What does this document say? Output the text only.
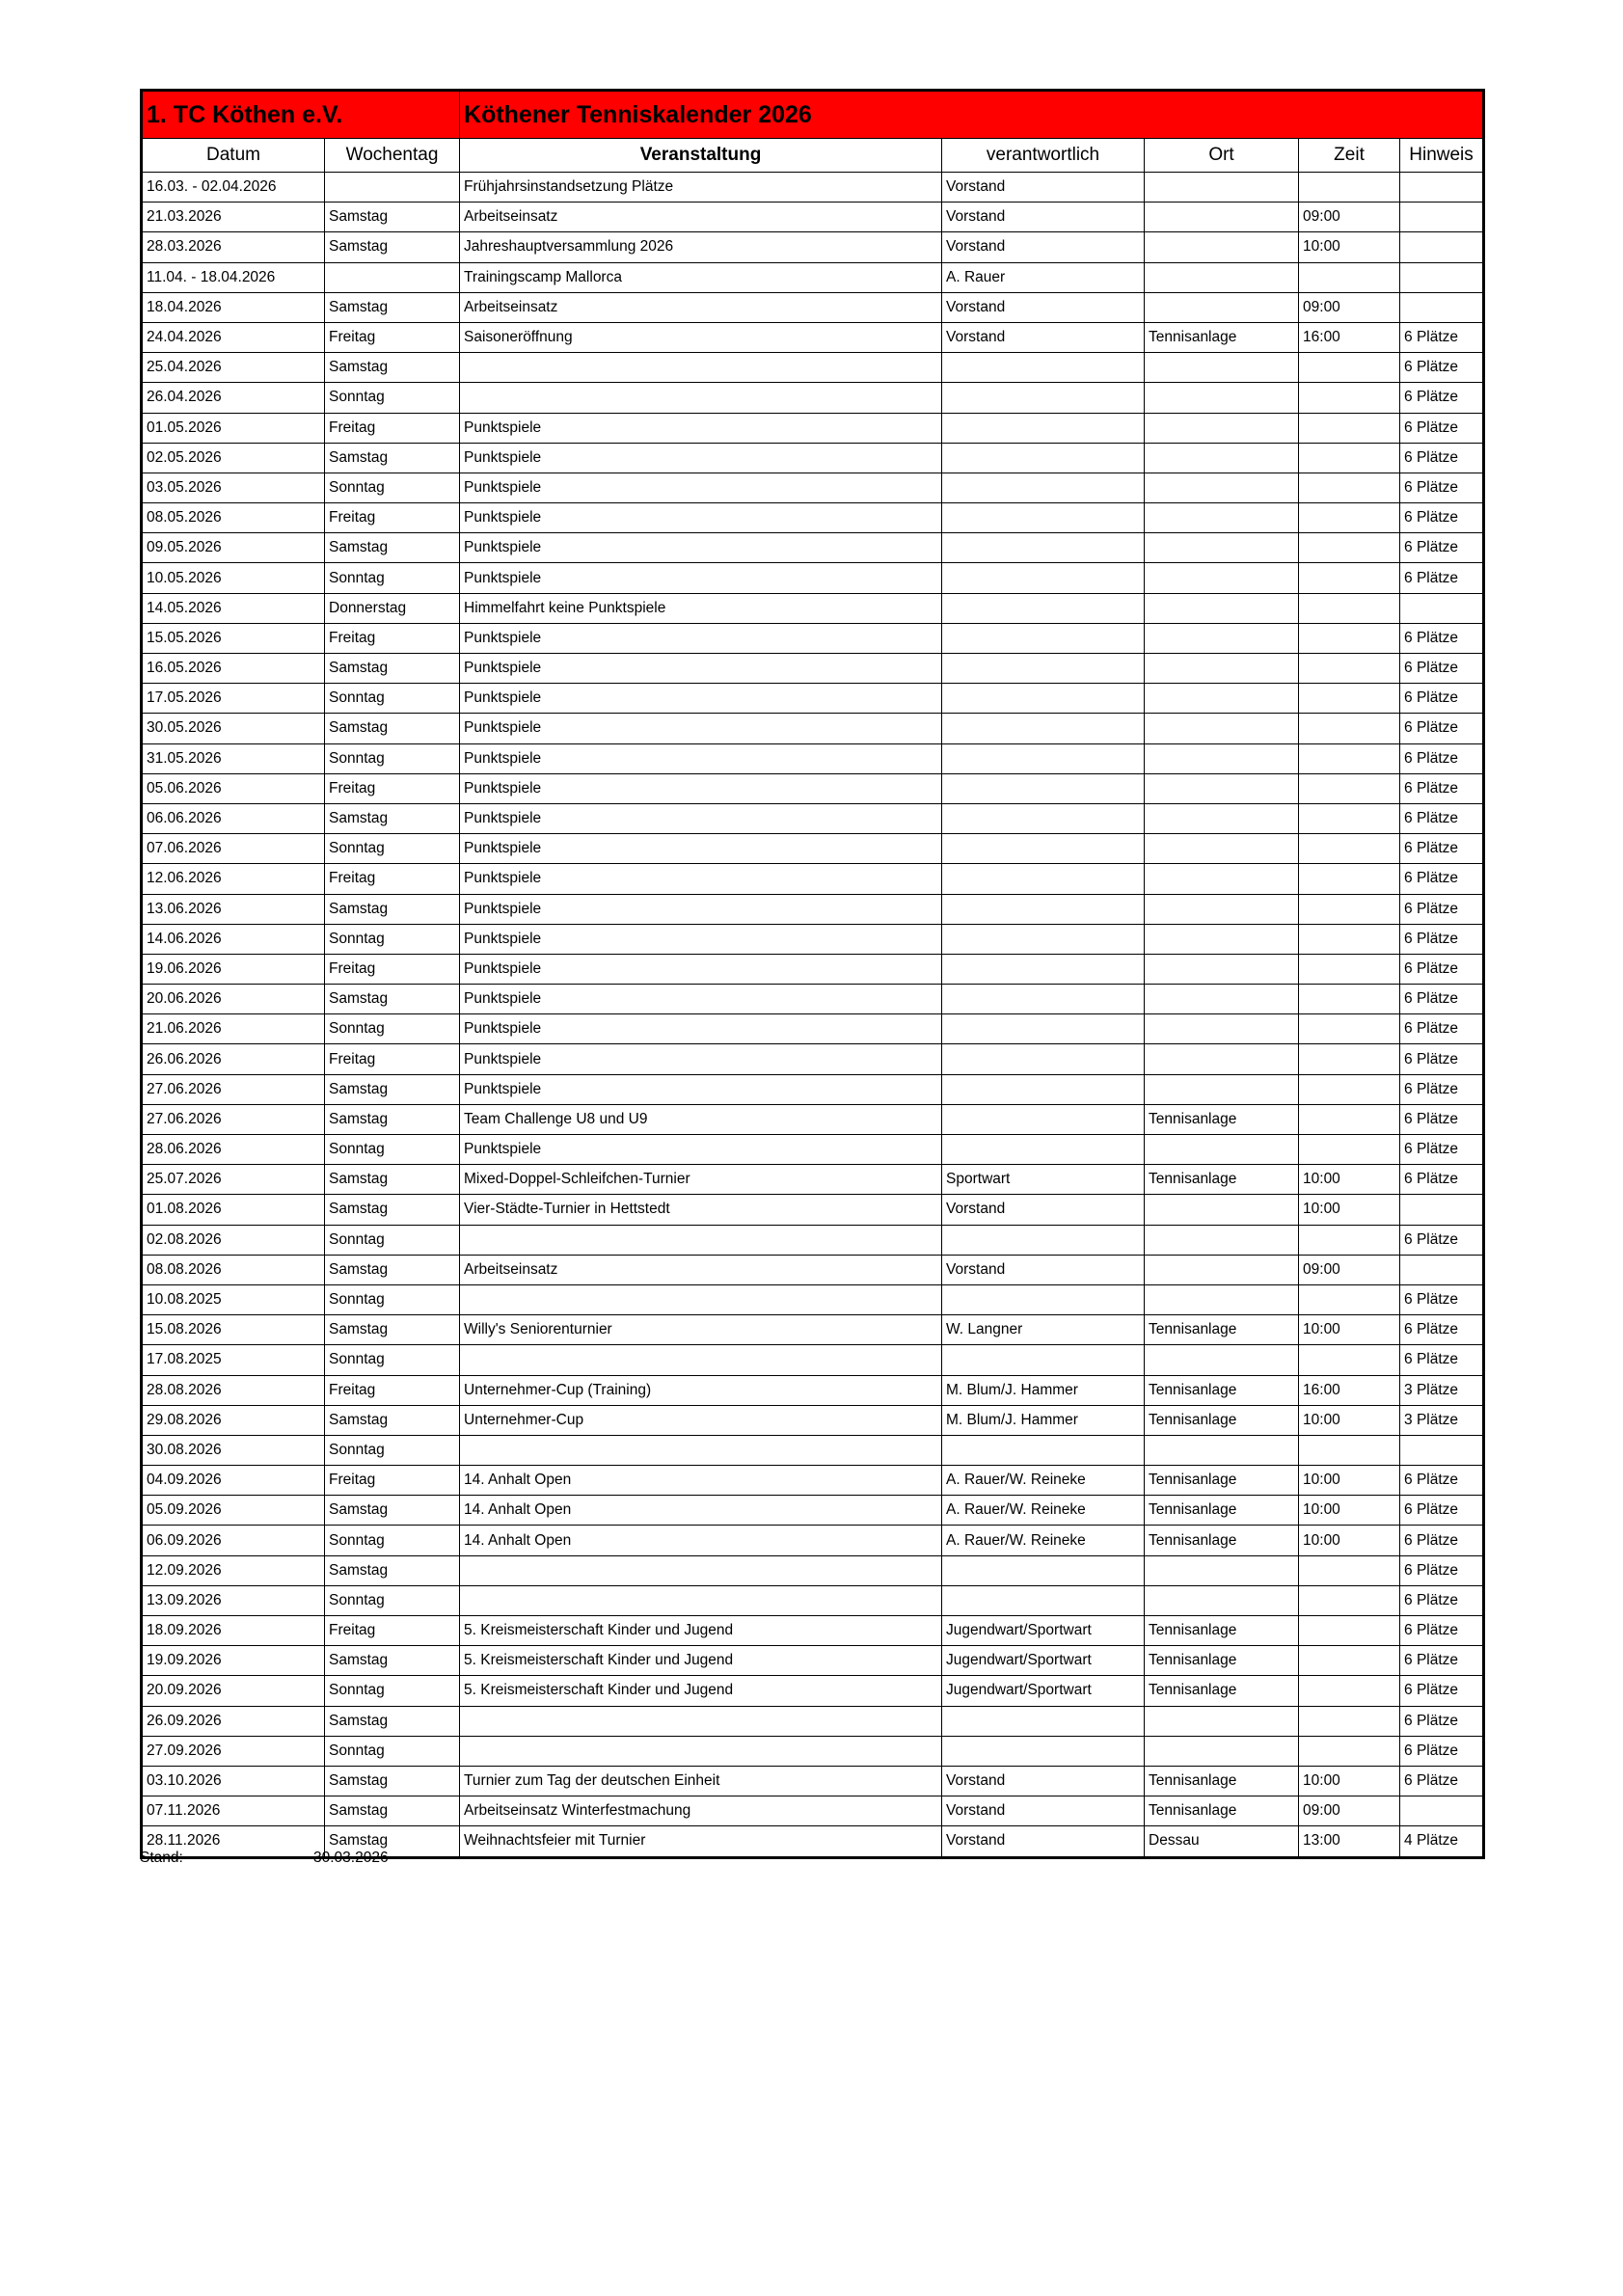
1. TC Köthen e.V.		Köthener Tenniskalender 2026				
Datum	Wochentag	Veranstaltung	verantwortlich	Ort	Zeit	Hinweis
16.03. - 02.04.2026		Frühjahrsinstandsetzung Plätze	Vorstand			
21.03.2026	Samstag	Arbeitseinsatz	Vorstand		09:00	
28.03.2026	Samstag	Jahreshauptversammlung 2026	Vorstand		10:00	
11.04. - 18.04.2026		Trainingscamp Mallorca	A. Rauer			
18.04.2026	Samstag	Arbeitseinsatz	Vorstand		09:00	
24.04.2026	Freitag	Saisoneröffnung	Vorstand	Tennisanlage	16:00	6 Plätze
25.04.2026	Samstag					6 Plätze
26.04.2026	Sonntag					6 Plätze
01.05.2026	Freitag	Punktspiele				6 Plätze
02.05.2026	Samstag	Punktspiele				6 Plätze
03.05.2026	Sonntag	Punktspiele				6 Plätze
08.05.2026	Freitag	Punktspiele				6 Plätze
09.05.2026	Samstag	Punktspiele				6 Plätze
10.05.2026	Sonntag	Punktspiele				6 Plätze
14.05.2026	Donnerstag	Himmelfahrt keine Punktspiele				
15.05.2026	Freitag	Punktspiele				6 Plätze
16.05.2026	Samstag	Punktspiele				6 Plätze
17.05.2026	Sonntag	Punktspiele				6 Plätze
30.05.2026	Samstag	Punktspiele				6 Plätze
31.05.2026	Sonntag	Punktspiele				6 Plätze
05.06.2026	Freitag	Punktspiele				6 Plätze
06.06.2026	Samstag	Punktspiele				6 Plätze
07.06.2026	Sonntag	Punktspiele				6 Plätze
12.06.2026	Freitag	Punktspiele				6 Plätze
13.06.2026	Samstag	Punktspiele				6 Plätze
14.06.2026	Sonntag	Punktspiele				6 Plätze
19.06.2026	Freitag	Punktspiele				6 Plätze
20.06.2026	Samstag	Punktspiele				6 Plätze
21.06.2026	Sonntag	Punktspiele				6 Plätze
26.06.2026	Freitag	Punktspiele				6 Plätze
27.06.2026	Samstag	Punktspiele				6 Plätze
27.06.2026	Samstag	Team Challenge U8 und U9		Tennisanlage		6 Plätze
28.06.2026	Sonntag	Punktspiele				6 Plätze
25.07.2026	Samstag	Mixed-Doppel-Schleifchen-Turnier	Sportwart	Tennisanlage	10:00	6 Plätze
01.08.2026	Samstag	Vier-Städte-Turnier in Hettstedt	Vorstand		10:00	
02.08.2026	Sonntag					6 Plätze
08.08.2026	Samstag	Arbeitseinsatz	Vorstand		09:00	
10.08.2025	Sonntag					6 Plätze
15.08.2026	Samstag	Willy's Seniorenturnier	W. Langner	Tennisanlage	10:00	6 Plätze
17.08.2025	Sonntag					6 Plätze
28.08.2026	Freitag	Unternehmer-Cup (Training)	M. Blum/J. Hammer	Tennisanlage	16:00	3 Plätze
29.08.2026	Samstag	Unternehmer-Cup	M. Blum/J. Hammer	Tennisanlage	10:00	3 Plätze
30.08.2026	Sonntag					
04.09.2026	Freitag	14. Anhalt Open	A. Rauer/W. Reineke	Tennisanlage	10:00	6 Plätze
05.09.2026	Samstag	14. Anhalt Open	A. Rauer/W. Reineke	Tennisanlage	10:00	6 Plätze
06.09.2026	Sonntag	14. Anhalt Open	A. Rauer/W. Reineke	Tennisanlage	10:00	6 Plätze
12.09.2026	Samstag					6 Plätze
13.09.2026	Sonntag					6 Plätze
18.09.2026	Freitag	5. Kreismeisterschaft Kinder und Jugend	Jugendwart/Sportwart	Tennisanlage		6 Plätze
19.09.2026	Samstag	5. Kreismeisterschaft Kinder und Jugend	Jugendwart/Sportwart	Tennisanlage		6 Plätze
20.09.2026	Sonntag	5. Kreismeisterschaft Kinder und Jugend	Jugendwart/Sportwart	Tennisanlage		6 Plätze
26.09.2026	Samstag					6 Plätze
27.09.2026	Sonntag					6 Plätze
03.10.2026	Samstag	Turnier zum Tag der deutschen Einheit	Vorstand	Tennisanlage	10:00	6 Plätze
07.11.2026	Samstag	Arbeitseinsatz Winterfestmachung	Vorstand	Tennisanlage	09:00	
28.11.2026	Samstag	Weihnachtsfeier mit Turnier	Vorstand	Dessau	13:00	4 Plätze
Stand:	30.03.2026
